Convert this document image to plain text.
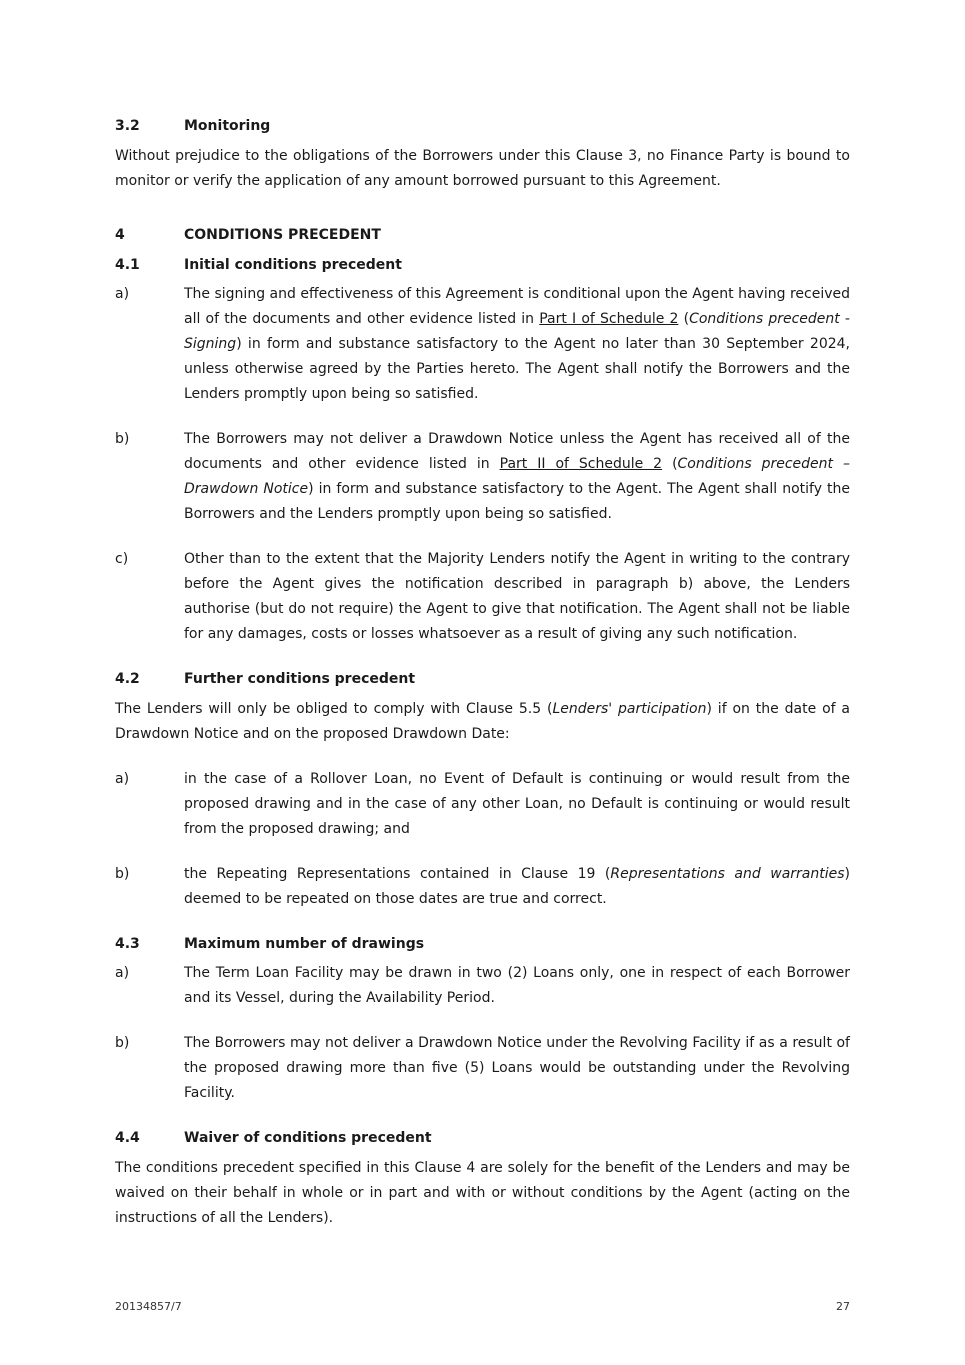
3.2	Monitoring

Without prejudice to the obligations of the Borrowers under this Clause 3, no Finance Party is bound to monitor or verify the application of any amount borrowed pursuant to this Agreement.

4	CONDITIONS PRECEDENT
4.1	Initial conditions precedent
a)	The signing and effectiveness of this Agreement is conditional upon the Agent having received all of the documents and other evidence listed in Part I of Schedule 2 (Conditions precedent - Signing) in form and substance satisfactory to the Agent no later than 30 September 2024, unless otherwise agreed by the Parties hereto. The Agent shall notify the Borrowers and the Lenders promptly upon being so satisfied.
b)	The Borrowers may not deliver a Drawdown Notice unless the Agent has received all of the documents and other evidence listed in Part II of Schedule 2 (Conditions precedent – Drawdown Notice) in form and substance satisfactory to the Agent. The Agent shall notify the Borrowers and the Lenders promptly upon being so satisfied.
c)	Other than to the extent that the Majority Lenders notify the Agent in writing to the contrary before the Agent gives the notification described in paragraph b) above, the Lenders authorise (but do not require) the Agent to give that notification. The Agent shall not be liable for any damages, costs or losses whatsoever as a result of giving any such notification.
4.2	Further conditions precedent

The Lenders will only be obliged to comply with Clause 5.5 (Lenders' participation) if on the date of a Drawdown Notice and on the proposed Drawdown Date:

a)	in the case of a Rollover Loan, no Event of Default is continuing or would result from the proposed drawing and in the case of any other Loan, no Default is continuing or would result from the proposed drawing; and
b)	the Repeating Representations contained in Clause 19 (Representations and warranties) deemed to be repeated on those dates are true and correct.
4.3	Maximum number of drawings
a)	The Term Loan Facility may be drawn in two (2) Loans only, one in respect of each Borrower and its Vessel, during the Availability Period.
b)	The Borrowers may not deliver a Drawdown Notice under the Revolving Facility if as a result of the proposed drawing more than five (5) Loans would be outstanding under the Revolving Facility.
4.4	Waiver of conditions precedent

The conditions precedent specified in this Clause 4 are solely for the benefit of the Lenders and may be waived on their behalf in whole or in part and with or without conditions by the Agent (acting on the instructions of all the Lenders).

20134857/7	27
